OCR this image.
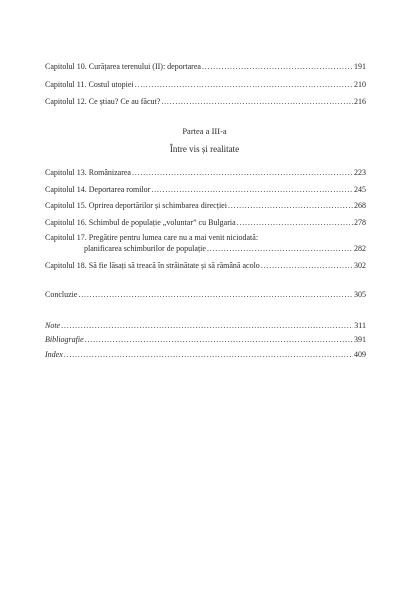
Capitolul 10. Curățarea terenului (II): deportarea . . .	191
Capitolul 11. Costul utopiei . . .	210
Capitolul 12. Ce știau? Ce au făcut? . . .	216
Partea a III-a
Între vis și realitate
Capitolul 13. Românizarea . . .	223
Capitolul 14. Deportarea romilor . . .	245
Capitolul 15. Oprirea deportărilor și schimbarea direcției . . .	268
Capitolul 16. Schimbul de populație „voluntar” cu Bulgaria . . .	278
Capitolul 17. Pregătire pentru lumea care nu a mai venit niciodată:
planificarea schimburilor de populație . . .	282
Capitolul 18. Să fie lăsați să treacă în străinătate și să rămână acolo . . .	302
Concluzie . . .	305
Note . . .	311
Bibliografie . . .	391
Index . . .	409
